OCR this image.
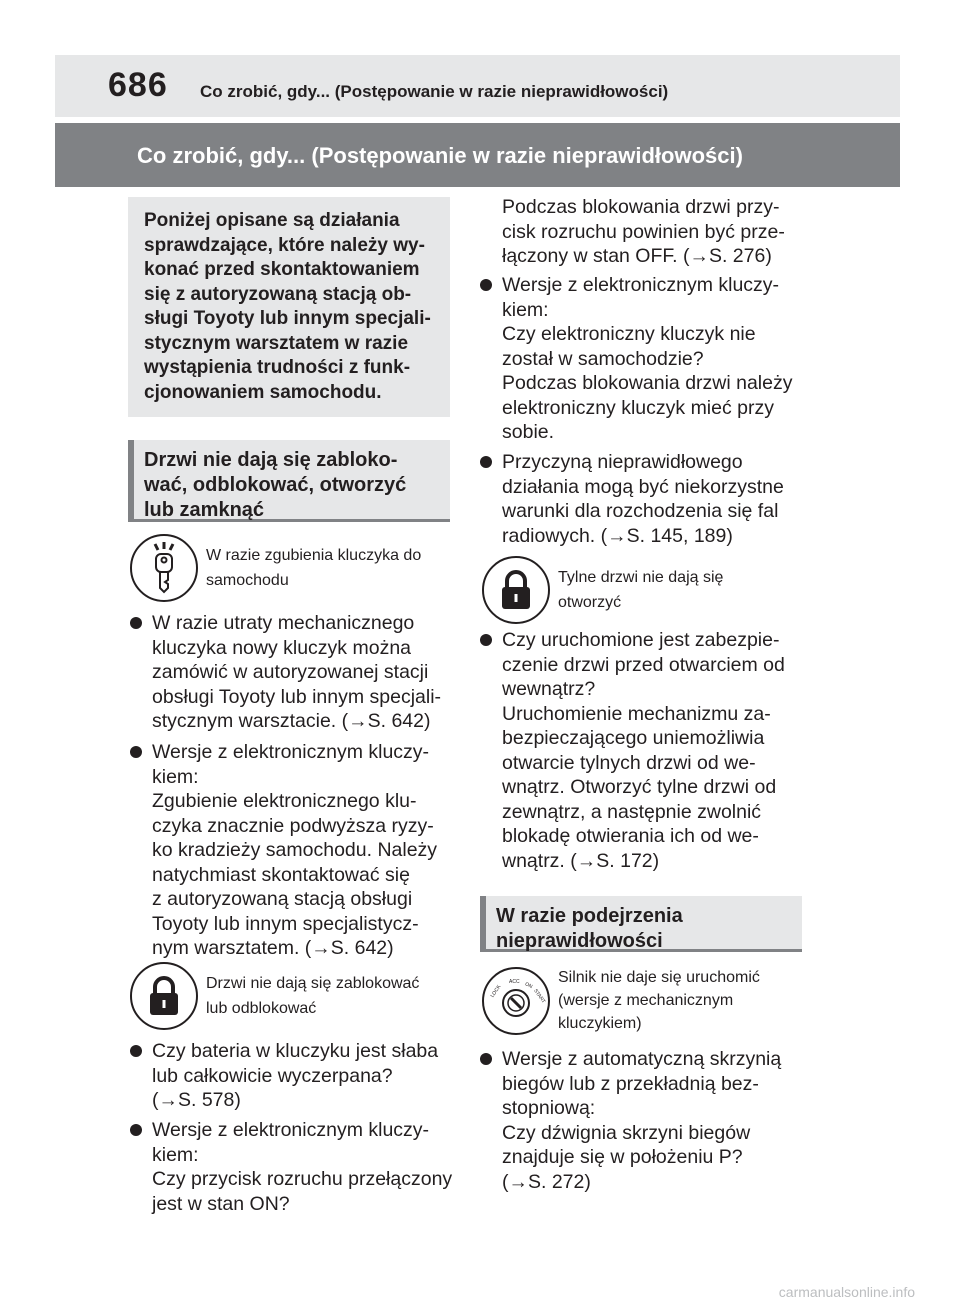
686 Co zrobić, gdy... (Postępowanie w razie nieprawidłowości)
Co zrobić, gdy... (Postępowanie w razie nieprawidłowości)
Poniżej opisane są działania
sprawdzające, które należy wy-
konać przed skontaktowaniem
się z autoryzowaną stacją ob-
sługi Toyoty lub innym specjali-
stycznym warsztatem w razie
wystąpienia trudności z funk-
cjonowaniem samochodu.
Drzwi nie dają się zabloko-
wać, odblokować, otworzyć
lub zamknąć
W razie zgubienia kluczyka do
samochodu
W razie utraty mechanicznego
kluczyka nowy kluczyk można
zamówić w autoryzowanej stacji
obsługi Toyoty lub innym specjali-
stycznym warsztacie. (→S. 642)
Wersje z elektronicznym kluczy-
kiem:
Zgubienie elektronicznego klu-
czyka znacznie podwyższa ryzy-
ko kradzieży samochodu. Należy
natychmiast skontaktować się
z autoryzowaną stacją obsługi
Toyoty lub innym specjalistycz-
nym warsztatem. (→S. 642)
Drzwi nie dają się zablokować
lub odblokować
Czy bateria w kluczyku jest słaba
lub całkowicie wyczerpana?
(→S. 578)
Wersje z elektronicznym kluczy-
kiem:
Czy przycisk rozruchu przełączony
jest w stan ON?
Podczas blokowania drzwi przy-
cisk rozruchu powinien być prze-
łączony w stan OFF. (→S. 276)
Wersje z elektronicznym kluczy-
kiem:
Czy elektroniczny kluczyk nie
został w samochodzie?
Podczas blokowania drzwi należy
elektroniczny kluczyk mieć przy
sobie.
Przyczyną nieprawidłowego
działania mogą być niekorzystne
warunki dla rozchodzenia się fal
radiowych. (→S. 145, 189)
Tylne drzwi nie dają się
otworzyć
Czy uruchomione jest zabezpie-
czenie drzwi przed otwarciem od
wewnątrz?
Uruchomienie mechanizmu za-
bezpieczającego uniemożliwia
otwarcie tylnych drzwi od we-
wnątrz. Otworzyć tylne drzwi od
zewnątrz, a następnie zwolnić
blokadę otwierania ich od we-
wnątrz. (→S. 172)
W razie podejrzenia
nieprawidłowości
LOCK
ACC ON
START
Silnik nie daje się uruchomić
(wersje z mechanicznym
kluczykiem)
Wersje z automatyczną skrzynią
biegów lub z przekładnią bez-
stopniową:
Czy dźwignia skrzyni biegów
znajduje się w położeniu P?
(→S. 272)
carmanualsonline.info
